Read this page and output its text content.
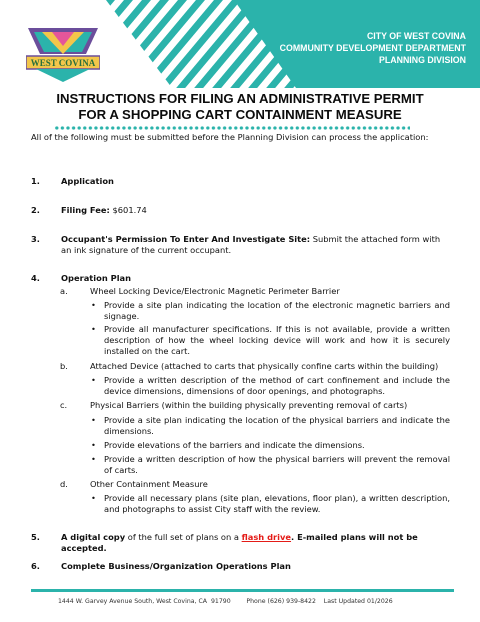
WEST COVINA
CITY OF WEST COVINA
COMMUNITY DEVELOPMENT DEPARTMENT
PLANNING DIVISION
INSTRUCTIONS FOR FILING AN ADMINISTRATIVE PERMIT
FOR A SHOPPING CART CONTAINMENT MEASURE
All of the following must be submitted before the Planning Division can process the application:
1.	Application
2.	Filing Fee: $601.74
3.	Occupant's Permission To Enter And Investigate Site: Submit the attached form with an ink signature of the current occupant.
4.	Operation Plan
a.	Wheel Locking Device/Electronic Magnetic Perimeter Barrier
• Provide a site plan indicating the location of the electronic magnetic barriers and signage.
• Provide all manufacturer specifications. If this is not available, provide a written description of how the wheel locking device will work and how it is securely installed on the cart.
b.	Attached Device (attached to carts that physically confine carts within the building)
• Provide a written description of the method of cart confinement and include the device dimensions, dimensions of door openings, and photographs.
c.	Physical Barriers (within the building physically preventing removal of carts)
• Provide a site plan indicating the location of the physical barriers and indicate the dimensions.
• Provide elevations of the barriers and indicate the dimensions.
• Provide a written description of how the physical barriers will prevent the removal of carts.
d.	Other Containment Measure
• Provide all necessary plans (site plan, elevations, floor plan), a written description, and photographs to assist City staff with the review.
5.	A digital copy of the full set of plans on a flash drive. E-mailed plans will not be accepted.
6.	Complete Business/Organization Operations Plan
1444 W. Garvey Avenue South, West Covina, CA  91790	Phone (626) 939-8422 Last Updated 01/2026
